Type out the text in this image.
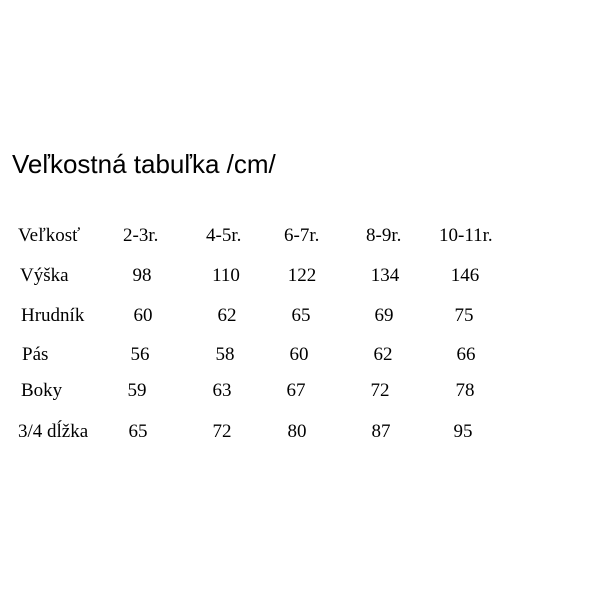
Veľkostná tabuľka /cm/
Veľkosť 2-3r.	4-5r. 6-7r. 8-9r. 10-11r.
Výška	98	110	122	134	146
Hrudník	60	62	65	69	75
Pás	56	58	60	62	66
Boky	59	63	67	72	78
3/4 dĺžka 65	72	80	87	95
